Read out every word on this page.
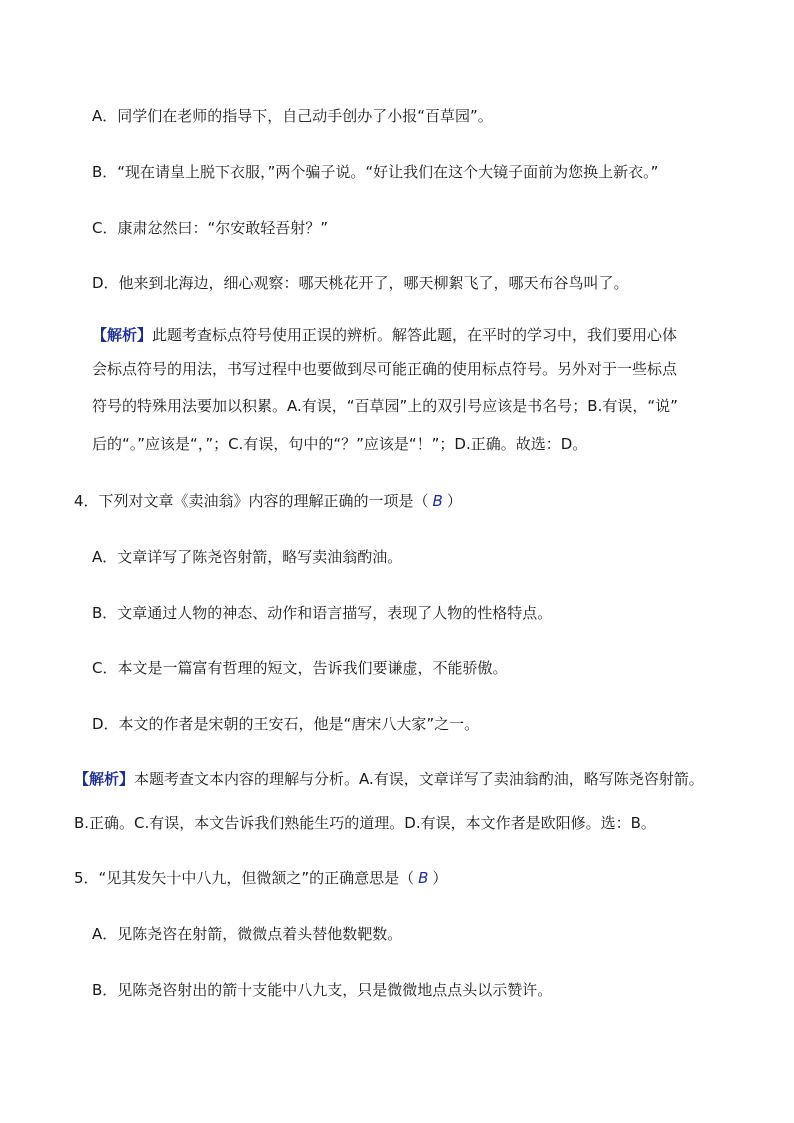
A．同学们在老师的指导下，自己动手创办了小报“百草园”。
B．“现在请皇上脱下衣服，”两个骗子说。“好让我们在这个大镜子面前为您换上新衣。”
C．康肃忿然曰：“尔安敢轻吾射？”
D．他来到北海边，细心观察：哪天桃花开了，哪天柳絮飞了，哪天布谷鸟叫了。
【解析】此题考查标点符号使用正误的辨析。解答此题，在平时的学习中，我们要用心体
会标点符号的用法，书写过程中也要做到尽可能正确的使用标点符号。另外对于一些标点
符号的特殊用法要加以积累。A.有误，“百草园”上的双引号应该是书名号；B.有误，“说”
后的“。”应该是“，”；C.有误，句中的“？”应该是“！”；D.正确。故选：D。
4．下列对文章《卖油翁》内容的理解正确的一项是（ B ）
A．文章详写了陈尧咨射箭，略写卖油翁酌油。
B．文章通过人物的神态、动作和语言描写，表现了人物的性格特点。
C．本文是一篇富有哲理的短文，告诉我们要谦虚，不能骄傲。
D．本文的作者是宋朝的王安石，他是“唐宋八大家”之一。
【解析】本题考查文本内容的理解与分析。A.有误，文章详写了卖油翁酌油，略写陈尧咨射箭。
B.正确。C.有误，本文告诉我们熟能生巧的道理。D.有误，本文作者是欧阳修。选：B。
5．“见其发矢十中八九，但微颔之”的正确意思是（ B ）
A．见陈尧咨在射箭，微微点着头替他数靶数。
B．见陈尧咨射出的箭十支能中八九支，只是微微地点点头以示赞许。
